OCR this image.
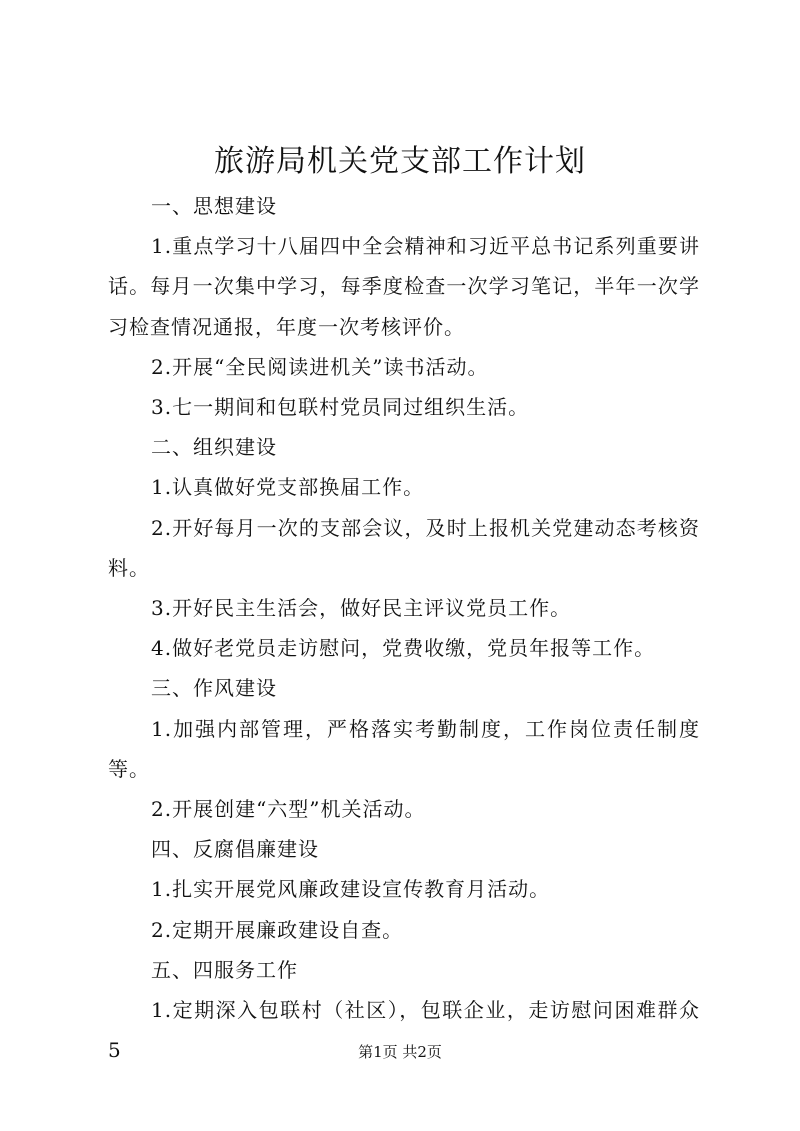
旅游局机关党支部工作计划

一、思想建设

1.重点学习十八届四中全会精神和习近平总书记系列重要讲话。每月一次集中学习，每季度检查一次学习笔记，半年一次学习检查情况通报，年度一次考核评价。

2.开展“全民阅读进机关”读书活动。

3.七一期间和包联村党员同过组织生活。

二、组织建设

1.认真做好党支部换届工作。

2.开好每月一次的支部会议，及时上报机关党建动态考核资料。

3.开好民主生活会，做好民主评议党员工作。

4.做好老党员走访慰问，党费收缴，党员年报等工作。

三、作风建设

1.加强内部管理，严格落实考勤制度，工作岗位责任制度等。

2.开展创建“六型”机关活动。

四、反腐倡廉建设

1.扎实开展党风廉政建设宣传教育月活动。

2.定期开展廉政建设自查。

五、四服务工作

1.定期深入包联村（社区），包联企业，走访慰问困难群众5	第1页 共2页
